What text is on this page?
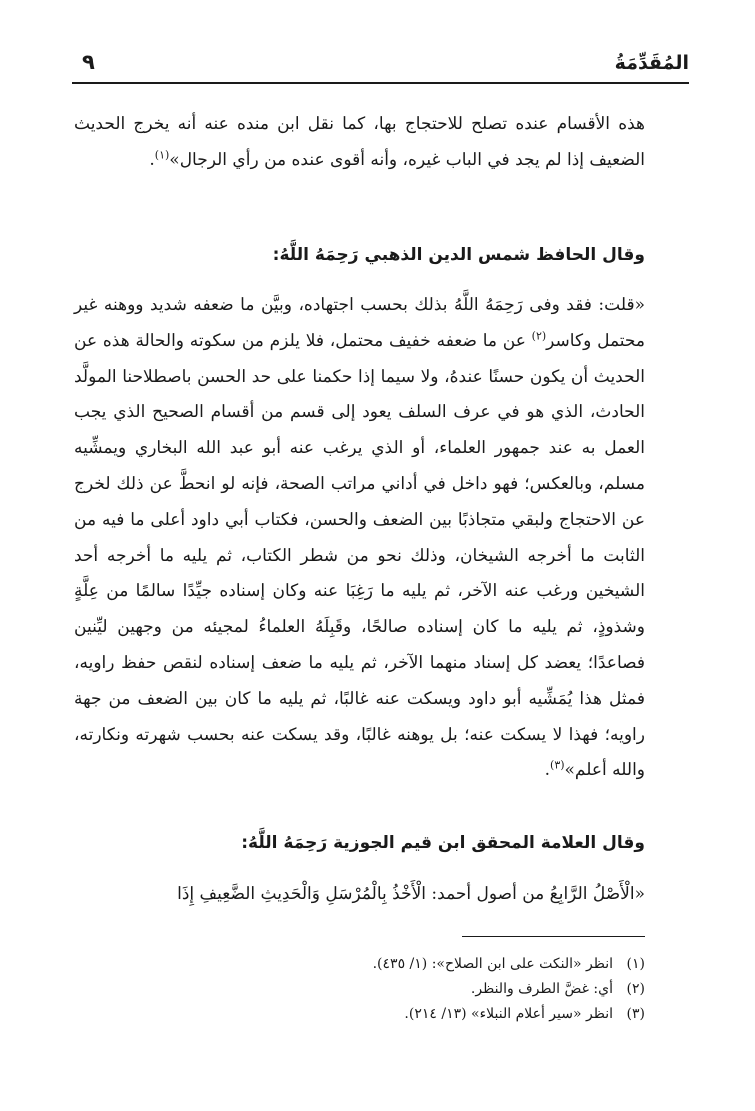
المُقَدِّمَةُ
٩

هذه الأقسام عنده تصلح للاحتجاج بها، كما نقل ابن منده عنه أنه يخرج الحديث الضعيف إذا لم يجد في الباب غيره، وأنه أقوى عنده من رأي الرجال»$^{(١)}$.

وقال الحافظ شمس الدين الذهبي رَحِمَهُ اللَّهُ:

«قلت: فقد وفى رَحِمَهُ اللَّهُ بذلك بحسب اجتهاده، وبيَّن ما ضعفه شديد ووهنه غير محتمل وكاسر$^{(٢)}$ عن ما ضعفه خفيف محتمل، فلا يلزم من سكوته والحالة هذه عن الحديث أن يكون حسنًا عندهُ، ولا سيما إذا حكمنا على حد الحسن باصطلاحنا المولَّد الحادث، الذي هو في عرف السلف يعود إلى قسم من أقسام الصحيح الذي يجب العمل به عند جمهور العلماء، أو الذي يرغب عنه أبو عبد الله البخاري ويمشِّيه مسلم، وبالعكس؛ فهو داخل في أداني مراتب الصحة، فإنه لو انحطَّ عن ذلك لخرج عن الاحتجاج ولبقي متجاذبًا بين الضعف والحسن، فكتاب أبي داود أعلى ما فيه من الثابت ما أخرجه الشيخان، وذلك نحو من شطر الكتاب، ثم يليه ما أخرجه أحد الشيخين ورغب عنه الآخر، ثم يليه ما رَغِبَا عنه وكان إسناده جيِّدًا سالمًا من عِلَّةٍ وشذوذٍ، ثم يليه ما كان إسناده صالحًا، وقَبِلَهُ العلماءُ لمجيئه من وجهين ليِّنين فصاعدًا؛ يعضد كل إسناد منهما الآخر، ثم يليه ما ضعف إسناده لنقص حفظ راويه، فمثل هذا يُمَشِّيه أبو داود ويسكت عنه غالبًا، ثم يليه ما كان بين الضعف من جهة راويه؛ فهذا لا يسكت عنه؛ بل يوهنه غالبًا، وقد يسكت عنه بحسب شهرته ونكارته، والله أعلم»$^{(٣)}$.

وقال العلامة المحقق ابن قيم الجوزية رَحِمَهُ اللَّهُ:

«الْأَصْلُ الرَّابِعُ من أصول أحمد: الْأَخْذُ بِالْمُرْسَلِ وَالْحَدِيثِ الضَّعِيفِ إِذَا

(١)انظر «النكت على ابن الصلاح»: (١/ ٤٣٥).
(٢)أي: غضَّ الطرف والنظر.
(٣)انظر «سير أعلام النبلاء» (١٣/ ٢١٤).
